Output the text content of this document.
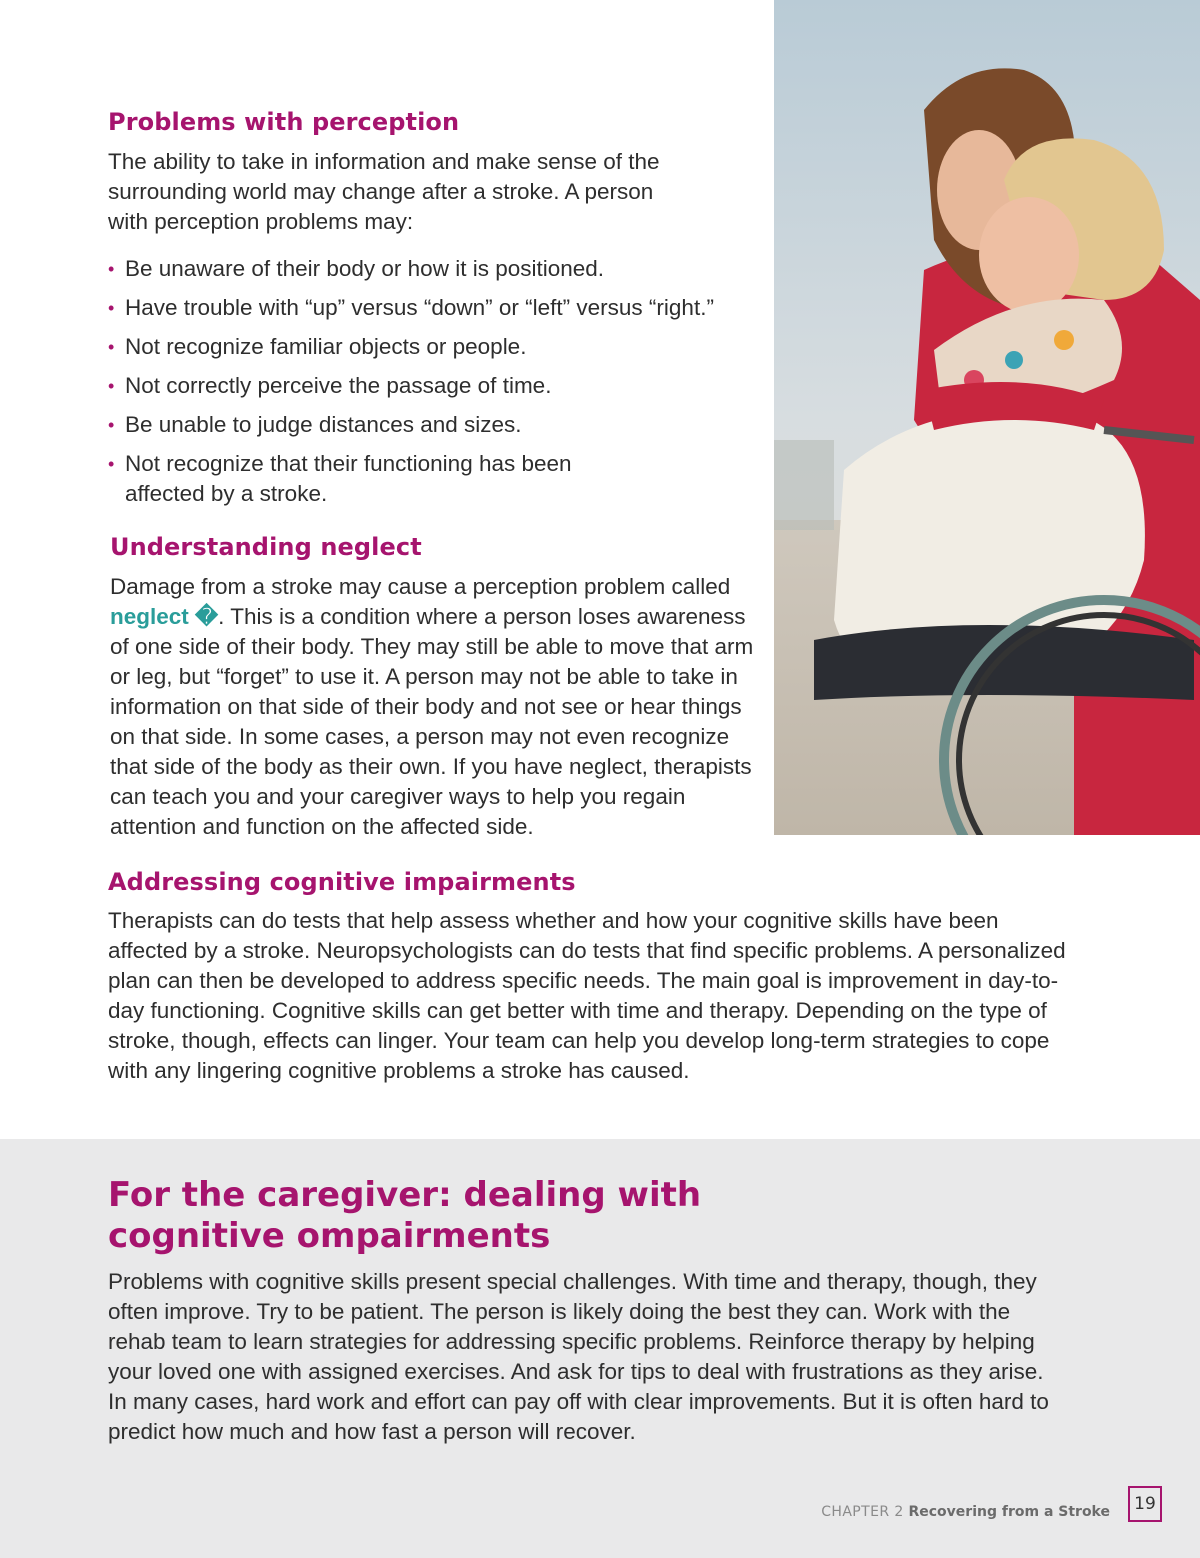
Problems with perception

The ability to take in information and make sense of the surrounding world may change after a stroke. A person with perception problems may:

• Be unaware of their body or how it is positioned.
• Have trouble with “up” versus “down” or “left” versus “right.”
• Not recognize familiar objects or people.
• Not correctly perceive the passage of time.
• Be unable to judge distances and sizes.
• Not recognize that their functioning has been affected by a stroke.
Understanding neglect

Damage from a stroke may cause a perception problem called neglect �. This is a condition where a person loses awareness of one side of their body. They may still be able to move that arm or leg, but “forget” to use it. A person may not be able to take in information on that side of their body and not see or hear things on that side. In some cases, a person may not even recognize that side of the body as their own. If you have neglect, therapists can teach you and your caregiver ways to help you regain attention and function on the affected side.

Addressing cognitive impairments

Therapists can do tests that help assess whether and how your cognitive skills have been affected by a stroke. Neuropsychologists can do tests that find specific problems. A personalized plan can then be developed to address specific needs. The main goal is improvement in day-to-day functioning. Cognitive skills can get better with time and therapy. Depending on the type of stroke, though, effects can linger. Your team can help you develop long-term strategies to cope with any lingering cognitive problems a stroke has caused.

For the caregiver: dealing with
cognitive ompairments

Problems with cognitive skills present special challenges. With time and therapy, though, they often improve. Try to be patient. The person is likely doing the best they can. Work with the rehab team to learn strategies for addressing specific problems. Reinforce therapy by helping your loved one with assigned exercises. And ask for tips to deal with frustrations as they arise. In many cases, hard work and effort can pay off with clear improvements. But it is often hard to predict how much and how fast a person will recover.

CHAPTER 2 Recovering from a Stroke	19
